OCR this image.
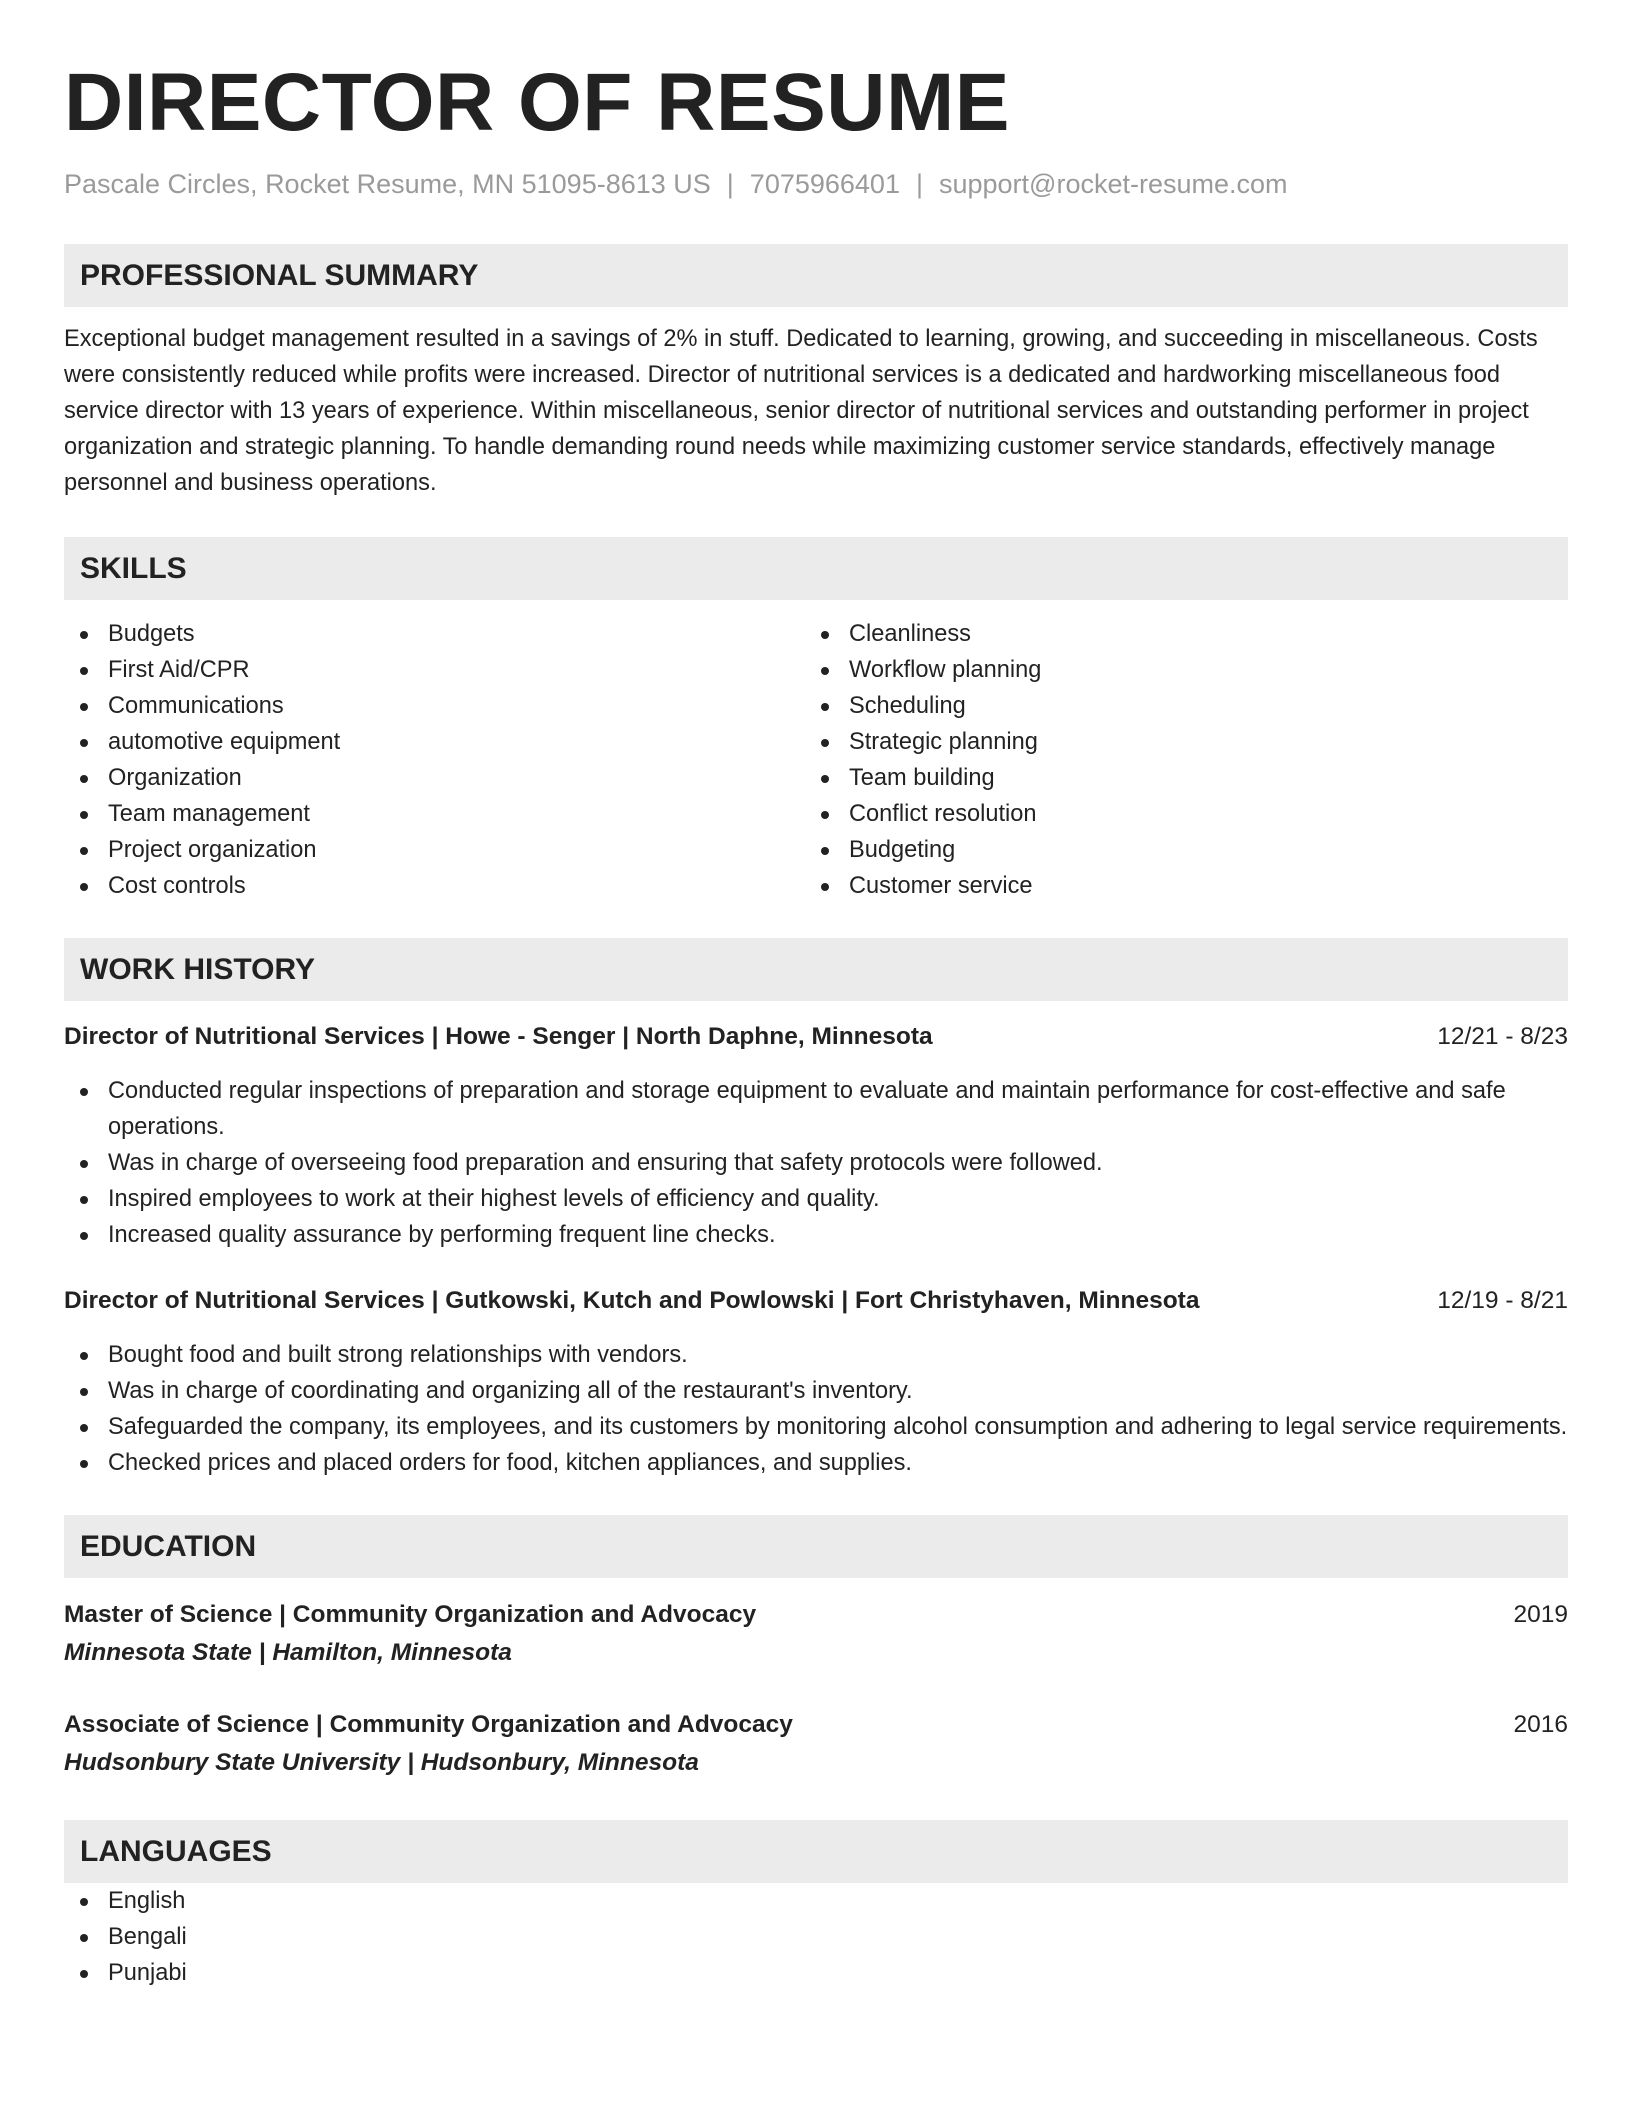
DIRECTOR OF RESUME
Pascale Circles, Rocket Resume, MN 51095-8613 US | 7075966401 | support@rocket-resume.com
PROFESSIONAL SUMMARY

Exceptional budget management resulted in a savings of 2% in stuff. Dedicated to learning, growing, and succeeding in miscellaneous. Costs were consistently reduced while profits were increased. Director of nutritional services is a dedicated and hardworking miscellaneous food service director with 13 years of experience. Within miscellaneous, senior director of nutritional services and outstanding performer in project organization and strategic planning. To handle demanding round needs while maximizing customer service standards, effectively manage personnel and business operations.

SKILLS
Budgets
First Aid/CPR
Communications
automotive equipment
Organization
Team management
Project organization
Cost controls
Cleanliness
Workflow planning
Scheduling
Strategic planning
Team building
Conflict resolution
Budgeting
Customer service
WORK HISTORY
Director of Nutritional Services | Howe - Senger | North Daphne, Minnesota	12/21 - 8/23
Conducted regular inspections of preparation and storage equipment to evaluate and maintain performance for cost-effective and safe operations.
Was in charge of overseeing food preparation and ensuring that safety protocols were followed.
Inspired employees to work at their highest levels of efficiency and quality.
Increased quality assurance by performing frequent line checks.
Director of Nutritional Services | Gutkowski, Kutch and Powlowski | Fort Christyhaven, Minnesota	12/19 - 8/21
Bought food and built strong relationships with vendors.
Was in charge of coordinating and organizing all of the restaurant's inventory.
Safeguarded the company, its employees, and its customers by monitoring alcohol consumption and adhering to legal service requirements.
Checked prices and placed orders for food, kitchen appliances, and supplies.
EDUCATION
Master of Science | Community Organization and Advocacy	2019
Minnesota State | Hamilton, Minnesota
Associate of Science | Community Organization and Advocacy	2016
Hudsonbury State University | Hudsonbury, Minnesota
LANGUAGES
English
Bengali
Punjabi
